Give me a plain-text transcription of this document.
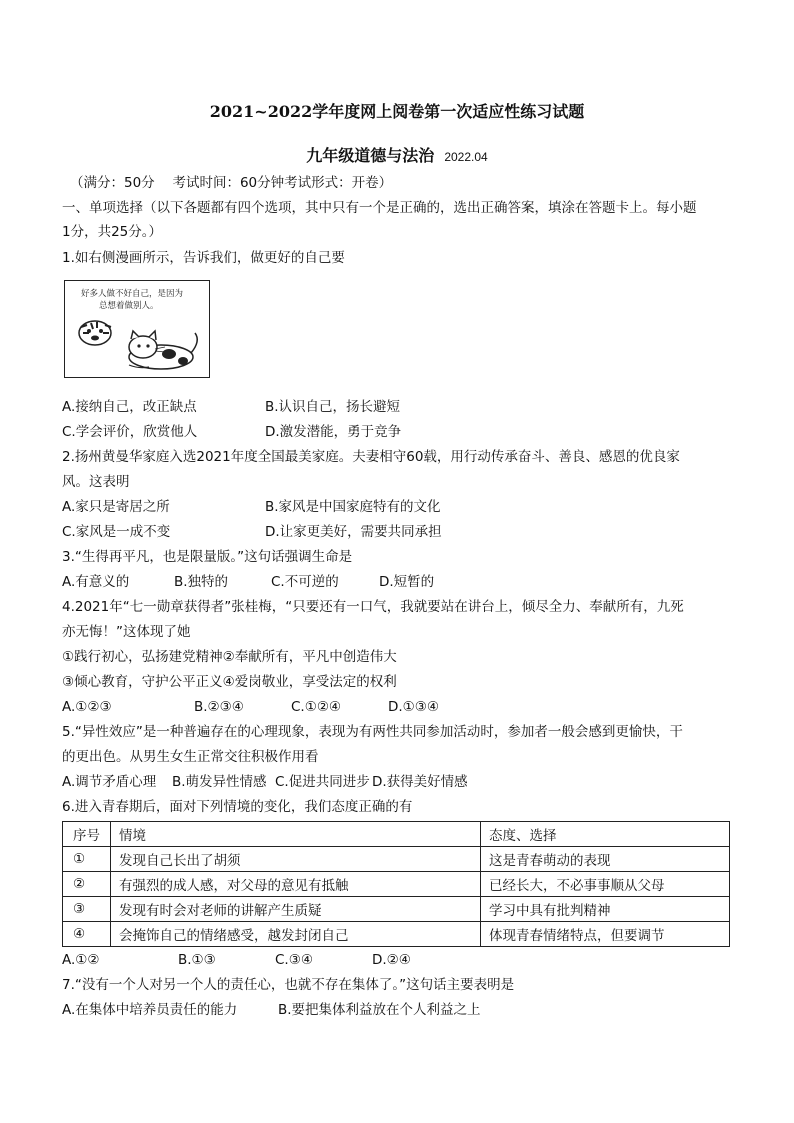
2021~2022学年度网上阅卷第一次适应性练习试题
九年级道德与法治 2022.04
（满分：50分　 考试时间：60分钟考试形式：开卷）
一、单项选择（以下各题都有四个选项，其中只有一个是正确的，选出正确答案，填涂在答题卡上。每小题
1分，共25分。）
1.如右侧漫画所示，告诉我们，做更好的自己要
好多人做不好自己，是因为
总想着做别人。
A.接纳自己，改正缺点	B.认识自己，扬长避短
C.学会评价，欣赏他人	D.激发潜能，勇于竞争
2.扬州黄曼华家庭入选2021年度全国最美家庭。夫妻相守60载，用行动传承奋斗、善良、感恩的优良家
风。这表明
A.家只是寄居之所	B.家风是中国家庭特有的文化
C.家风是一成不变	D.让家更美好，需要共同承担
3.“生得再平凡，也是限量版。”这句话强调生命是
A.有意义的	B.独特的	C.不可逆的	D.短暂的
4.2021年“七一勋章获得者”张桂梅，“只要还有一口气，我就要站在讲台上，倾尽全力、奉献所有，九死
亦无悔！”这体现了她
①践行初心，弘扬建党精神②奉献所有，平凡中创造伟大
③倾心教育，守护公平正义④爱岗敬业，享受法定的权利
A.①②③	B.②③④	C.①②④	D.①③④
5.“异性效应”是一种普遍存在的心理现象，表现为有两性共同参加活动时，参加者一般会感到更愉快，干
的更出色。从男生女生正常交往积极作用看
A.调节矛盾心理 B.萌发异性情感 C.促进共同进步 D.获得美好情感
6.进入青春期后，面对下列情境的变化，我们态度正确的有
序号	情境	态度、选择
①	发现自己长出了胡须	这是青春萌动的表现
②	有强烈的成人感，对父母的意见有抵触	已经长大，不必事事顺从父母
③	发现有时会对老师的讲解产生质疑	学习中具有批判精神
④	会掩饰自己的情绪感受，越发封闭自己	体现青春情绪特点，但要调节
A.①②	B.①③	C.③④	D.②④
7.“没有一个人对另一个人的责任心，也就不存在集体了。”这句话主要表明是
A.在集体中培养员责任的能力	B.要把集体利益放在个人利益之上
